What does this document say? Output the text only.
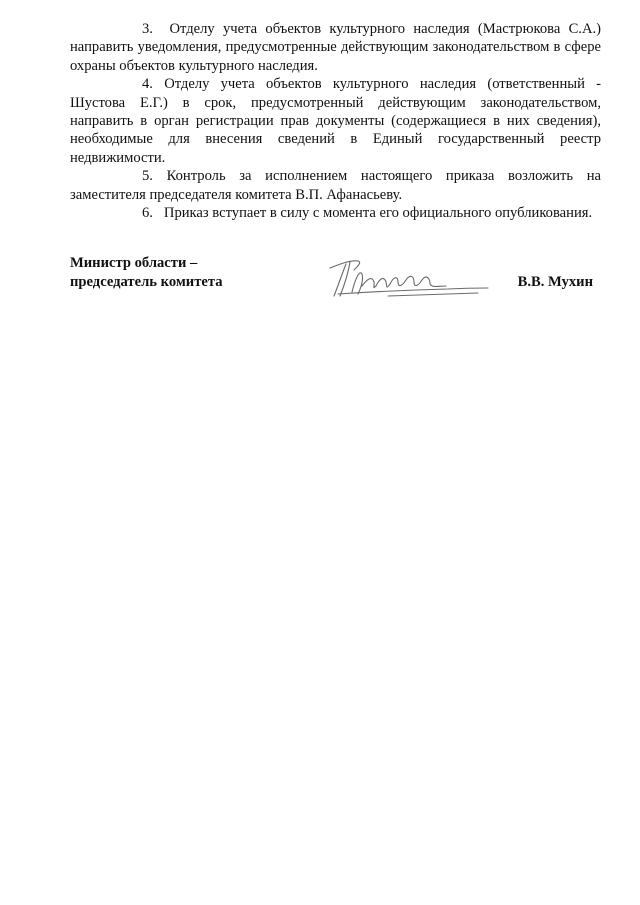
3. Отделу учета объектов культурного наследия (Мастрюкова С.А.) направить уведомления, предусмотренные действующим законодательством в сфере охраны объектов культурного наследия.

4. Отделу учета объектов культурного наследия (ответственный - Шустова Е.Г.) в срок, предусмотренный действующим законодательством, направить в орган регистрации прав документы (содержащиеся в них сведения), необходимые для внесения сведений в Единый государственный реестр недвижимости.

5. Контроль за исполнением настоящего приказа возложить на заместителя председателя комитета В.П. Афанасьеву.

6. Приказ вступает в силу с момента его официального опубликования.

Министр области –
председатель комитета	В.В. Мухин
